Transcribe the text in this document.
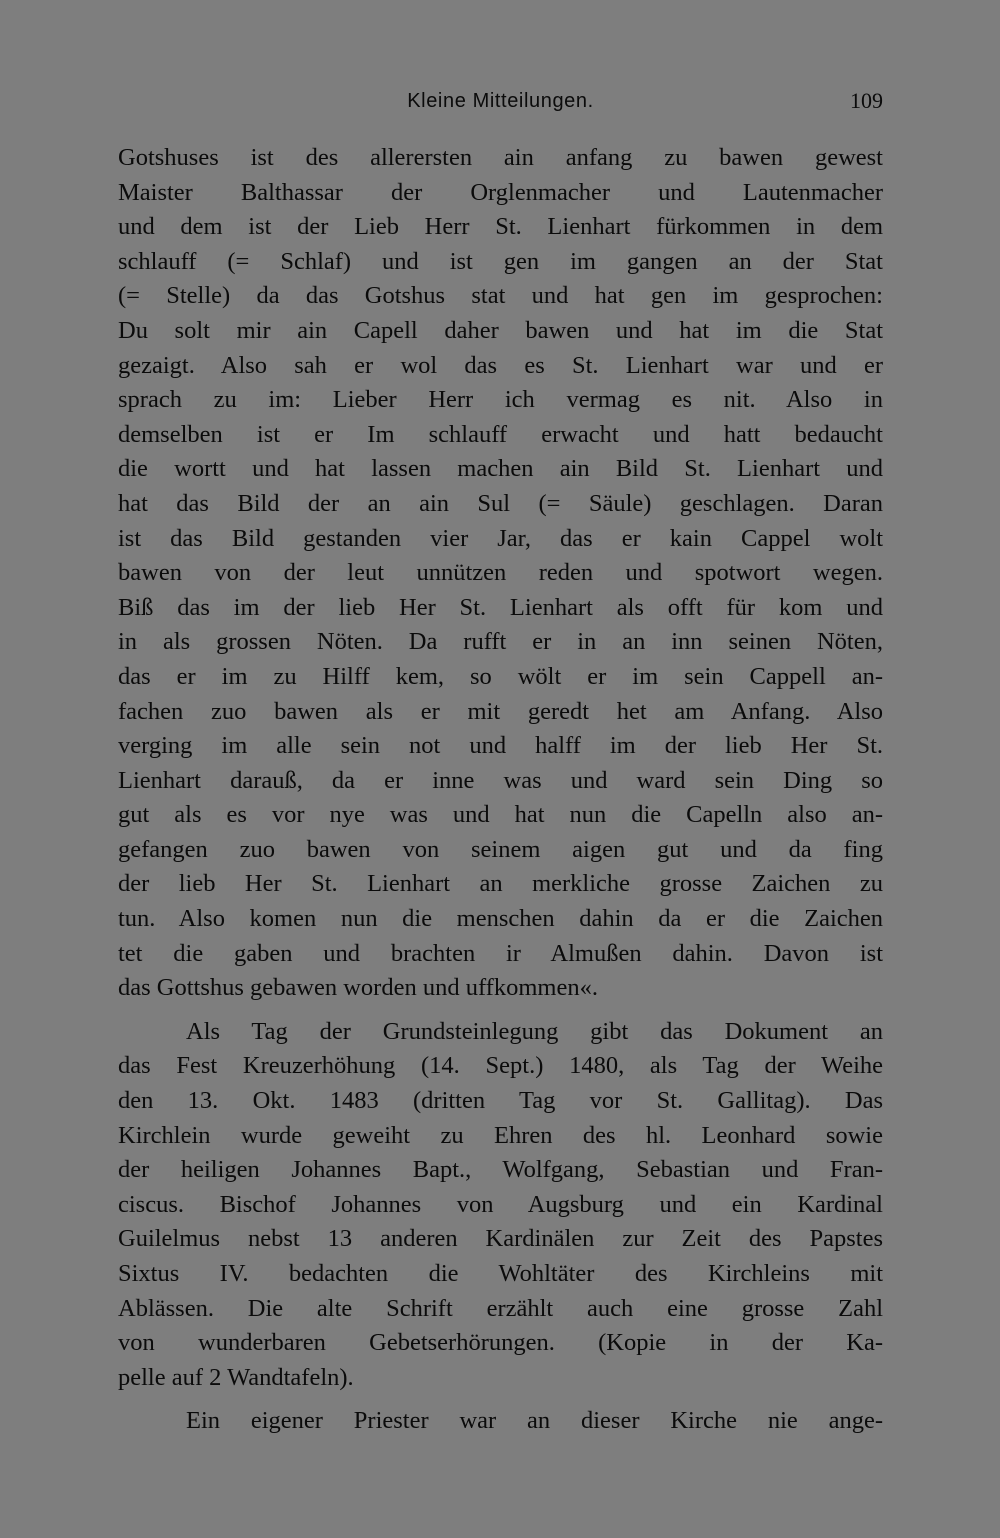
Kleine Mitteilungen.	109
Gotshuses ist des allerersten ain anfang zu bawen gewest
Maister Balthassar der Orglenmacher und Lautenmacher
und dem ist der Lieb Herr St. Lienhart fürkommen in dem
schlauff (= Schlaf) und ist gen im gangen an der Stat
(= Stelle) da das Gotshus stat und hat gen im gesprochen:
Du solt mir ain Capell daher bawen und hat im die Stat
gezaigt. Also sah er wol das es St. Lienhart war und er
sprach zu im: Lieber Herr ich vermag es nit. Also in
demselben ist er Im schlauff erwacht und hatt bedaucht
die wortt und hat lassen machen ain Bild St. Lienhart und
hat das Bild der an ain Sul (= Säule) geschlagen. Daran
ist das Bild gestanden vier Jar, das er kain Cappel wolt
bawen von der leut unnützen reden und spotwort wegen.
Biß das im der lieb Her St. Lienhart als offt für kom und
in als grossen Nöten. Da rufft er in an inn seinen Nöten,
das er im zu Hilff kem, so wölt er im sein Cappell an-
fachen zuo bawen als er mit geredt het am Anfang. Also
verging im alle sein not und halff im der lieb Her St.
Lienhart darauß, da er inne was und ward sein Ding so
gut als es vor nye was und hat nun die Capelln also an-
gefangen zuo bawen von seinem aigen gut und da fing
der lieb Her St. Lienhart an merkliche grosse Zaichen zu
tun. Also komen nun die menschen dahin da er die Zaichen
tet die gaben und brachten ir Almußen dahin. Davon ist
das Gottshus gebawen worden und uffkommen«.
Als Tag der Grundsteinlegung gibt das Dokument an
das Fest Kreuzerhöhung (14. Sept.) 1480, als Tag der Weihe
den 13. Okt. 1483 (dritten Tag vor St. Gallitag). Das
Kirchlein wurde geweiht zu Ehren des hl. Leonhard sowie
der heiligen Johannes Bapt., Wolfgang, Sebastian und Fran-
ciscus. Bischof Johannes von Augsburg und ein Kardinal
Guilelmus nebst 13 anderen Kardinälen zur Zeit des Papstes
Sixtus IV. bedachten die Wohltäter des Kirchleins mit
Ablässen. Die alte Schrift erzählt auch eine grosse Zahl
von wunderbaren Gebetserhörungen. (Kopie in der Ka-
pelle auf 2 Wandtafeln).
Ein eigener Priester war an dieser Kirche nie ange-
